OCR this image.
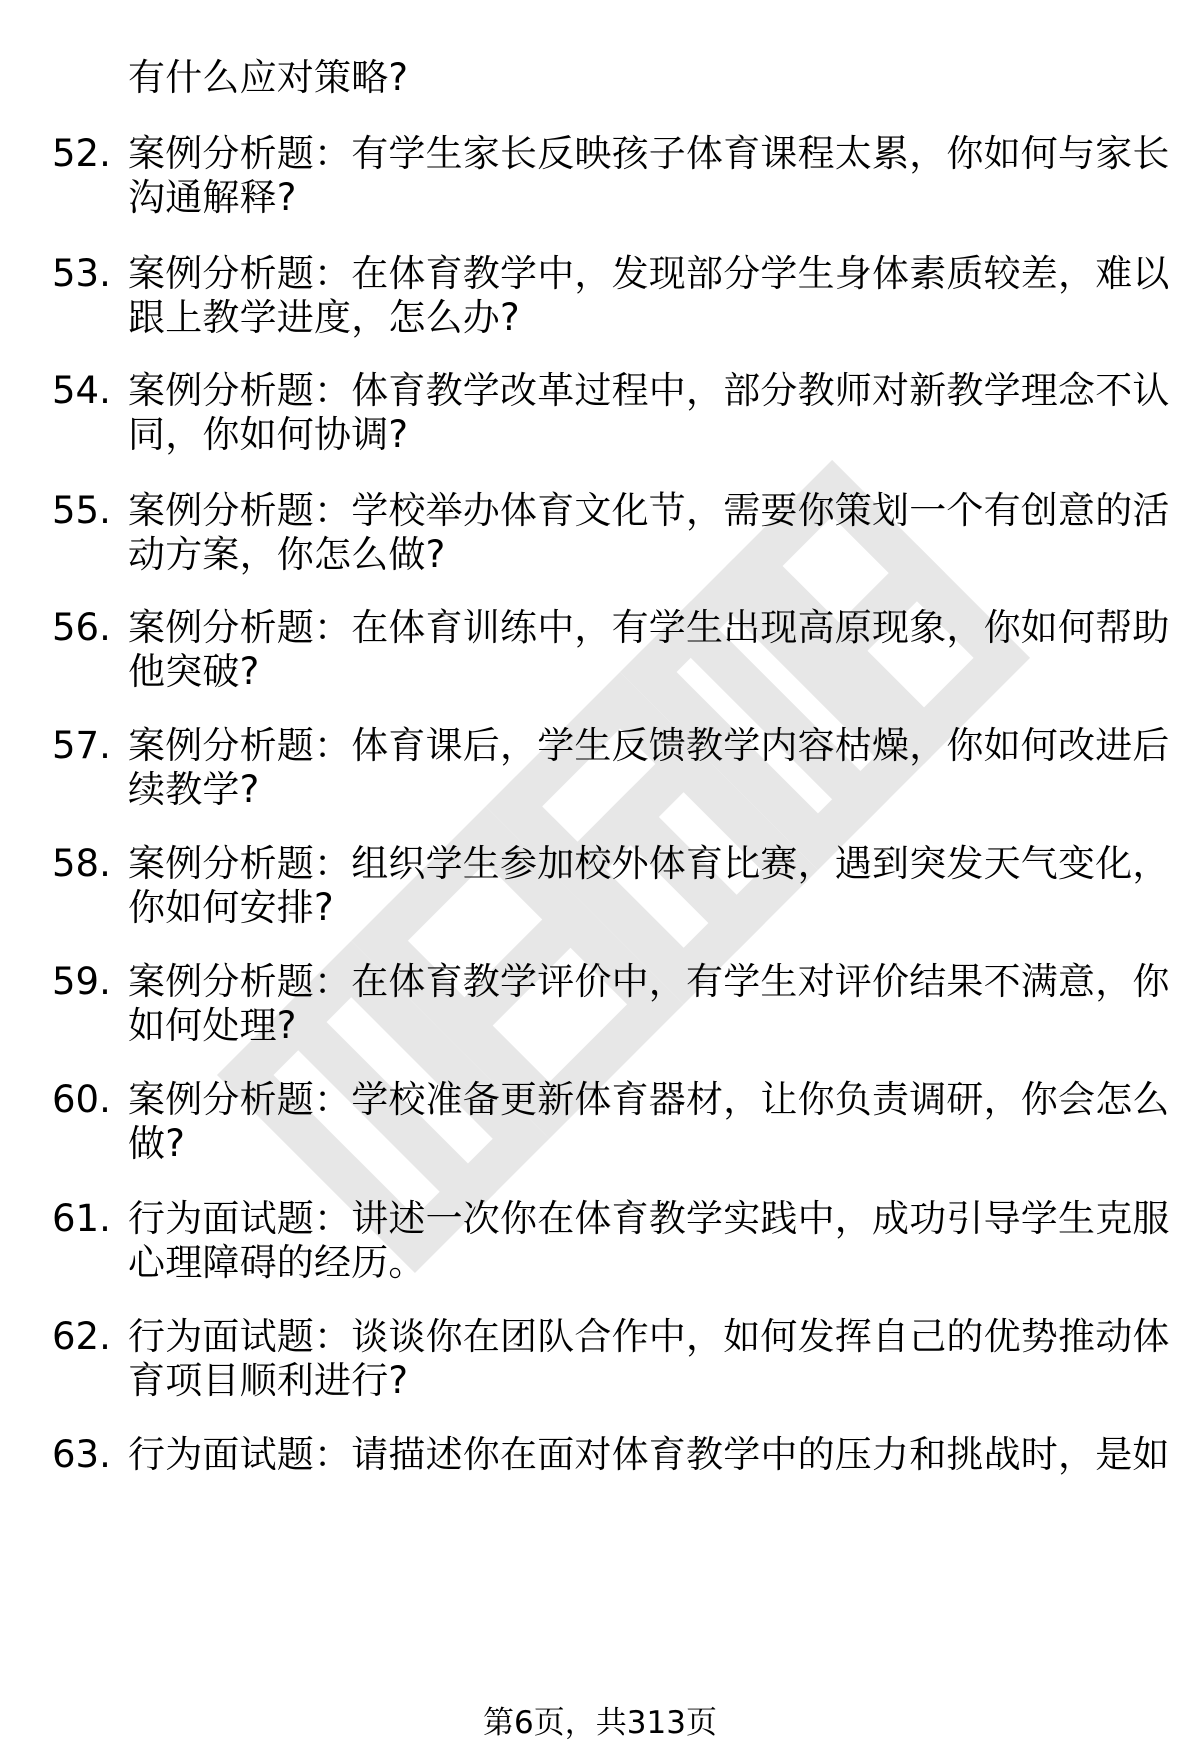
有什么应对策略?
52. 案例分析题：有学生家长反映孩子体育课程太累，你如何与家长
沟通解释?
53. 案例分析题：在体育教学中，发现部分学生身体素质较差，难以
跟上教学进度，怎么办?
54. 案例分析题：体育教学改革过程中，部分教师对新教学理念不认
同，你如何协调?
55. 案例分析题：学校举办体育文化节，需要你策划一个有创意的活
动方案，你怎么做?
56. 案例分析题：在体育训练中，有学生出现高原现象，你如何帮助
他突破?
57. 案例分析题：体育课后，学生反馈教学内容枯燥，你如何改进后
续教学?
58. 案例分析题：组织学生参加校外体育比赛，遇到突发天气变化，
你如何安排?
59. 案例分析题：在体育教学评价中，有学生对评价结果不满意，你
如何处理?
60. 案例分析题：学校准备更新体育器材，让你负责调研，你会怎么
做?
61. 行为面试题：讲述一次你在体育教学实践中，成功引导学生克服
心理障碍的经历。
62. 行为面试题：谈谈你在团队合作中，如何发挥自己的优势推动体
育项目顺利进行?
63. 行为面试题：请描述你在面对体育教学中的压力和挑战时，是如
第6页，共313页
